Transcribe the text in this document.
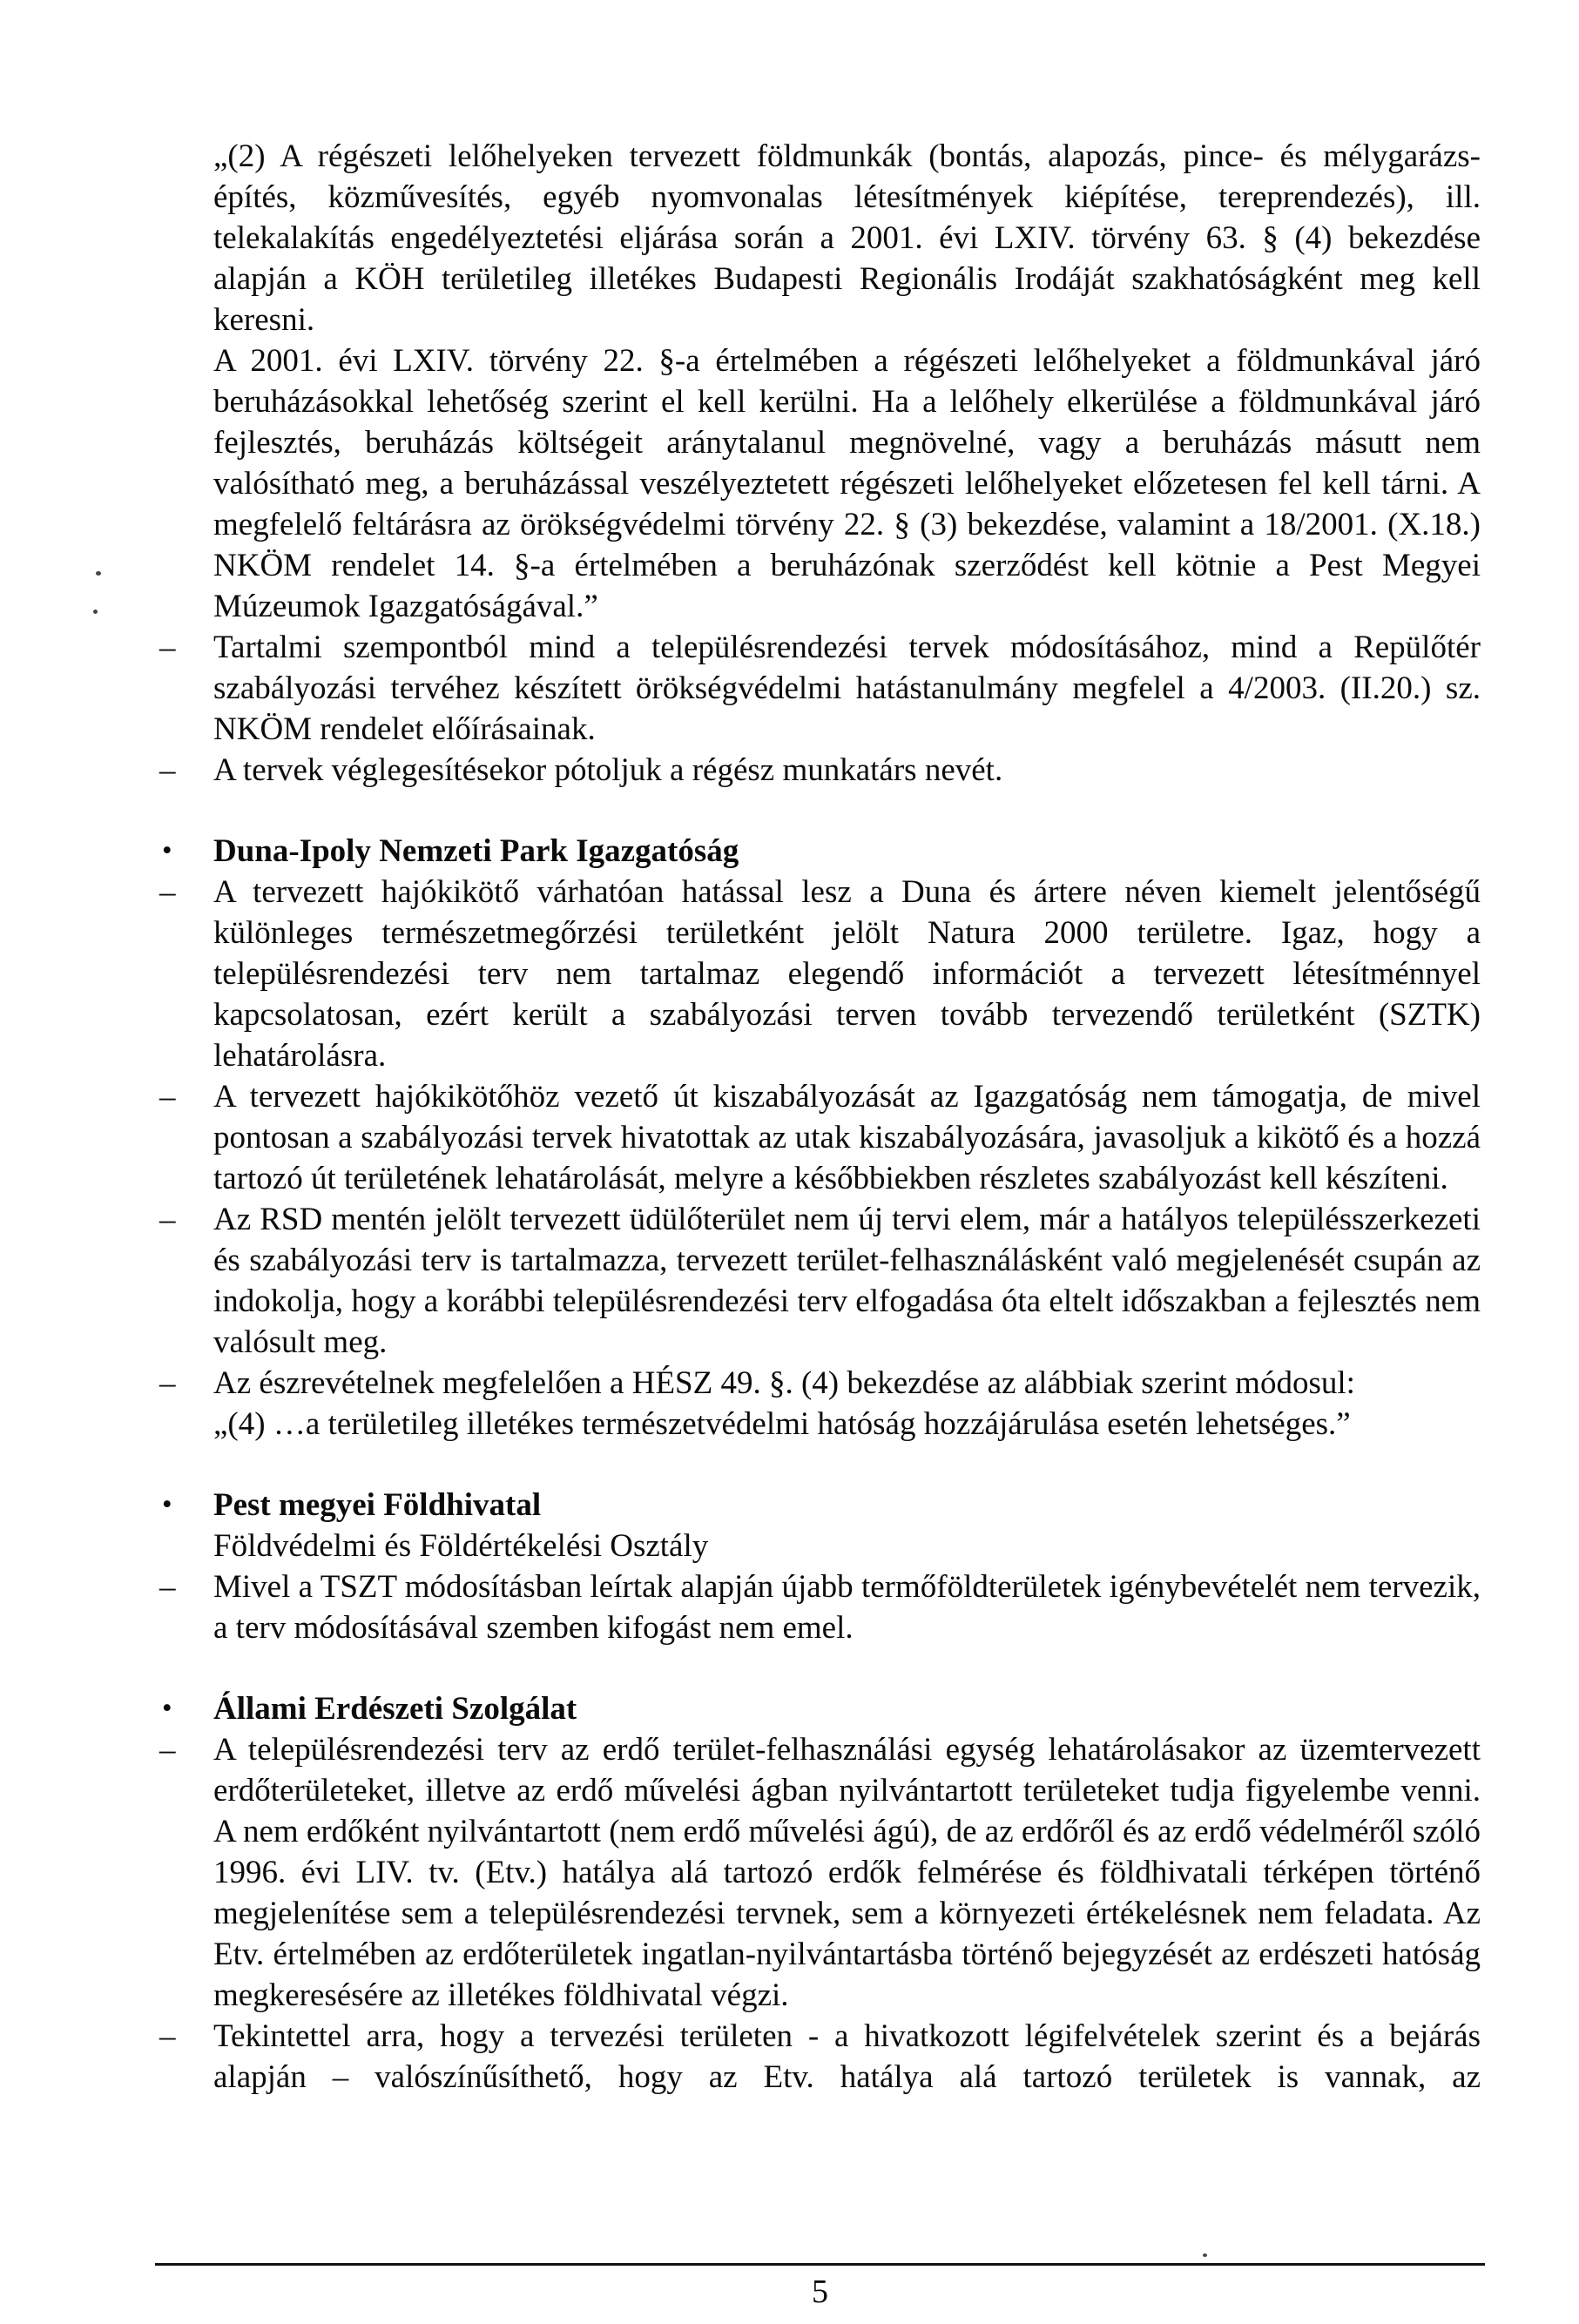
„(2) A régészeti lelőhelyeken tervezett földmunkák (bontás, alapozás, pince- és mélygarázs-építés, közművesítés, egyéb nyomvonalas létesítmények kiépítése, tereprendezés), ill. telekalakítás engedélyeztetési eljárása során a 2001. évi LXIV. törvény 63. § (4) bekezdése alapján a KÖH területileg illetékes Budapesti Regionális Irodáját szakhatóságként meg kell keresni.
A 2001. évi LXIV. törvény 22. §-a értelmében a régészeti lelőhelyeket a földmunkával járó beruházásokkal lehetőség szerint el kell kerülni. Ha a lelőhely elkerülése a földmunkával járó fejlesztés, beruházás költségeit aránytalanul megnövelné, vagy a beruházás másutt nem valósítható meg, a beruházással veszélyeztetett régészeti lelőhelyeket előzetesen fel kell tárni. A megfelelő feltárásra az örökségvédelmi törvény 22. § (3) bekezdése, valamint a 18/2001. (X.18.) NKÖM rendelet 14. §-a értelmében a beruházónak szerződést kell kötnie a Pest Megyei Múzeumok Igazgatóságával.”
–	Tartalmi szempontból mind a településrendezési tervek módosításához, mind a Repülőtér szabályozási tervéhez készített örökségvédelmi hatástanulmány megfelel a 4/2003. (II.20.) sz. NKÖM rendelet előírásainak.
–	A tervek véglegesítésekor pótoljuk a régész munkatárs nevét.
•	Duna-Ipoly Nemzeti Park Igazgatóság
–	A tervezett hajókikötő várhatóan hatással lesz a Duna és ártere néven kiemelt jelentőségű különleges természetmegőrzési területként jelölt Natura 2000 területre. Igaz, hogy a településrendezési terv nem tartalmaz elegendő információt a tervezett létesítménnyel kapcsolatosan, ezért került a szabályozási terven tovább tervezendő területként (SZTK) lehatárolásra.
–	A tervezett hajókikötőhöz vezető út kiszabályozását az Igazgatóság nem támogatja, de mivel pontosan a szabályozási tervek hivatottak az utak kiszabályozására, javasoljuk a kikötő és a hozzá tartozó út területének lehatárolását, melyre a későbbiekben részletes szabályozást kell készíteni.
–	Az RSD mentén jelölt tervezett üdülőterület nem új tervi elem, már a hatályos településszerkezeti és szabályozási terv is tartalmazza, tervezett terület-felhasználásként való megjelenését csupán az indokolja, hogy a korábbi településrendezési terv elfogadása óta eltelt időszakban a fejlesztés nem valósult meg.
–	Az észrevételnek megfelelően a HÉSZ 49. §. (4) bekezdése az alábbiak szerint módosul:
„(4) …a területileg illetékes természetvédelmi hatóság hozzájárulása esetén lehetséges.”
•	Pest megyei Földhivatal
Földvédelmi és Földértékelési Osztály
–	Mivel a TSZT módosításban leírtak alapján újabb termőföldterületek igénybevételét nem tervezik, a terv módosításával szemben kifogást nem emel.
•	Állami Erdészeti Szolgálat
–	A településrendezési terv az erdő terület-felhasználási egység lehatárolásakor az üzemtervezett erdőterületeket, illetve az erdő művelési ágban nyilvántartott területeket tudja figyelembe venni. A nem erdőként nyilvántartott (nem erdő művelési ágú), de az erdőről és az erdő védelméről szóló 1996. évi LIV. tv. (Etv.) hatálya alá tartozó erdők felmérése és földhivatali térképen történő megjelenítése sem a településrendezési tervnek, sem a környezeti értékelésnek nem feladata. Az Etv. értelmében az erdőterületek ingatlan-nyilvántartásba történő bejegyzését az erdészeti hatóság megkeresésére az illetékes földhivatal végzi.
–	Tekintettel arra, hogy a tervezési területen - a hivatkozott légifelvételek szerint és a bejárás alapján – valószínűsíthető, hogy az Etv. hatálya alá tartozó területek is vannak, az
5
